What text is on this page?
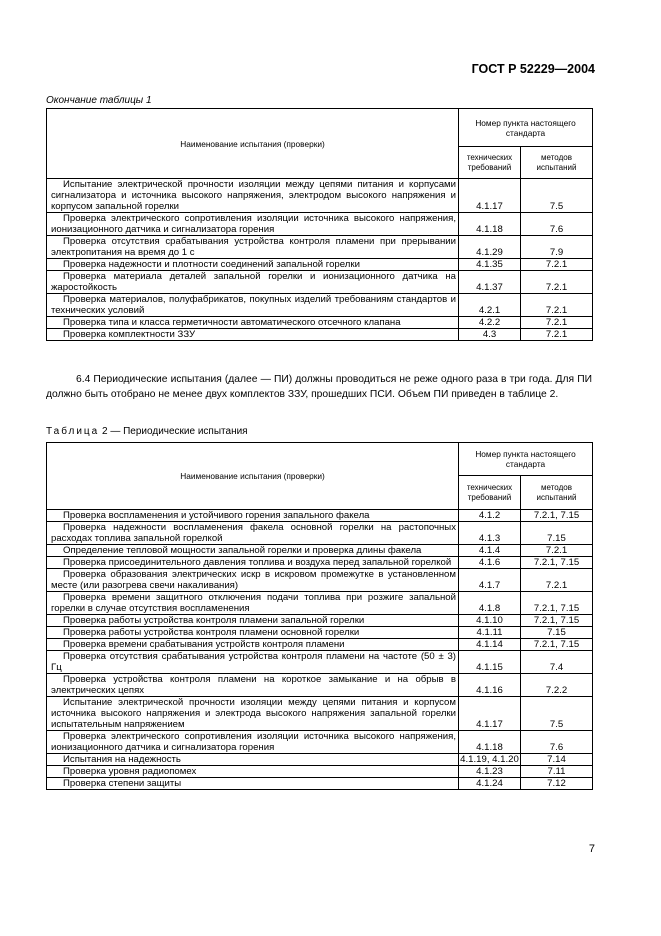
ГОСТ Р 52229—2004
Окончание таблицы 1
Наименование испытания (проверки)	Номер пункта настоящего стандарта	
	технических требований	методов испытаний

Испытание электрической прочности изоляции между цепями питания и корпусами сигнализатора и источника высокого напряжения, электродом высокого напряжения и корпусом запальной горелки	4.1.17	7.5

Проверка электрического сопротивления изоляции источника высокого напряжения, ионизационного датчика и сигнализатора горения	4.1.18	7.6

Проверка отсутствия срабатывания устройства контроля пламени при прерывании электропитания на время до 1 с	4.1.29	7.9

Проверка надежности и плотности соединений запальной горелки	4.1.35	7.2.1

Проверка материала деталей запальной горелки и ионизационного датчика на жаростойкость	4.1.37	7.2.1

Проверка материалов, полуфабрикатов, покупных изделий требованиям стандартов и технических условий	4.2.1	7.2.1

Проверка типа и класса герметичности автоматического отсечного клапана	4.2.2	7.2.1

Проверка комплектности ЗЗУ	4.3	7.2.1
6.4 Периодические испытания (далее — ПИ) должны проводиться не реже одного раза в три года. Для ПИ должно быть отобрано не менее двух комплектов ЗЗУ, прошедших ПСИ. Объем ПИ приведен в таблице 2.
Таблица 2 — Периодические испытания
Наименование испытания (проверки)	Номер пункта настоящего стандарта	
	технических требований	методов испытаний

Проверка воспламенения и устойчивого горения запального факела	4.1.2	7.2.1, 7.15

Проверка надежности воспламенения факела основной горелки на растопочных расходах топлива запальной горелкой	4.1.3	7.15

Определение тепловой мощности запальной горелки и проверка длины факела	4.1.4	7.2.1

Проверка присоединительного давления топлива и воздуха перед запальной горелкой	4.1.6	7.2.1, 7.15

Проверка образования электрических искр в искровом промежутке в установленном месте (или разогрева свечи накаливания)	4.1.7	7.2.1

Проверка времени защитного отключения подачи топлива при розжиге запальной горелки в случае отсутствия воспламенения	4.1.8	7.2.1, 7.15

Проверка работы устройства контроля пламени запальной горелки	4.1.10	7.2.1, 7.15

Проверка работы устройства контроля пламени основной горелки	4.1.11	7.15

Проверка времени срабатывания устройств контроля пламени	4.1.14	7.2.1, 7.15

Проверка отсутствия срабатывания устройства контроля пламени на частоте (50 ± 3) Гц	4.1.15	7.4

Проверка устройства контроля пламени на короткое замыкание и на обрыв в электрических цепях	4.1.16	7.2.2

Испытание электрической прочности изоляции между цепями питания и корпусом источника высокого напряжения и электрода высокого напряжения запальной горелки испытательным напряжением	4.1.17	7.5

Проверка электрического сопротивления изоляции источника высокого напряжения, ионизационного датчика и сигнализатора горения	4.1.18	7.6

Испытания на надежность	4.1.19, 4.1.20	7.14

Проверка уровня радиопомех	4.1.23	7.11

Проверка степени защиты	4.1.24	7.12
7
